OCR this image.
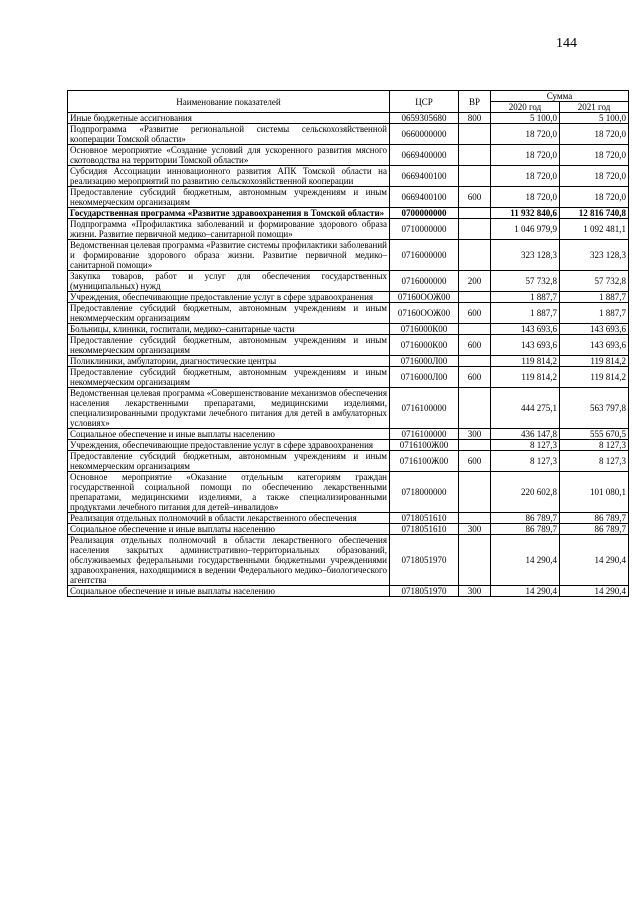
144
Наименование показателей	ЦСР	ВР	Сумма	
			2020 год	2021 год
Иные бюджетные ассигнования	0659305680	800	5 100,0	5 100,0
Подпрограмма «Развитие региональной системы сельскохозяйственной кооперации Томской области»	0660000000		18 720,0	18 720,0
Основное мероприятие «Создание условий для ускоренного развития мясного скотоводства на территории Томской области»	0669400000		18 720,0	18 720,0
Субсидия Ассоциации инновационного развития АПК Томской области на реализацию мероприятий по развитию сельскохозяйственной кооперации	0669400100		18 720,0	18 720,0
Предоставление субсидий бюджетным, автономным учреждениям и иным некоммерческим организациям	0669400100	600	18 720,0	18 720,0
Государственная программа «Развитие здравоохранения в Томской области»	0700000000		11 932 840,6	12 816 740,8
Подпрограмма «Профилактика заболеваний и формирование здорового образа жизни. Развитие первичной медико–санитарной помощи»	0710000000		1 046 979,9	1 092 481,1
Ведомственная целевая программа «Развитие системы профилактики заболеваний и формирование здорового образа жизни. Развитие первичной медико–санитарной помощи»	0716000000		323 128,3	323 128,3
Закупка товаров, работ и услуг для обеспечения государственных (муниципальных) нужд	0716000000	200	57 732,8	57 732,8
Учреждения, обеспечивающие предоставление услуг в сфере здравоохранения	07160ООЖ00		1 887,7	1 887,7
Предоставление субсидий бюджетным, автономным учреждениям и иным некоммерческим организациям	07160ООЖ00	600	1 887,7	1 887,7
Больницы, клиники, госпитали, медико–санитарные части	0716000К00		143 693,6	143 693,6
Предоставление субсидий бюджетным, автономным учреждениям и иным некоммерческим организациям	0716000К00	600	143 693,6	143 693,6
Поликлиники, амбулатории, диагностические центры	0716000Л00		119 814,2	119 814,2
Предоставление субсидий бюджетным, автономным учреждениям и иным некоммерческим организациям	0716000Л00	600	119 814,2	119 814,2
Ведомственная целевая программа «Совершенствование механизмов обеспечения населения лекарственными препаратами, медицинскими изделиями, специализированными продуктами лечебного питания для детей в амбулаторных условиях»	0716100000		444 275,1	563 797,8
Социальное обеспечение и иные выплаты населению	0716100000	300	436 147,8	555 670,5
Учреждения, обеспечивающие предоставление услуг в сфере здравоохранения	0716100Ж00		8 127,3	8 127,3
Предоставление субсидий бюджетным, автономным учреждениям и иным некоммерческим организациям	0716100Ж00	600	8 127,3	8 127,3
Основное мероприятие «Оказание отдельным категориям граждан государственной социальной помощи по обеспечению лекарственными препаратами, медицинскими изделиями, а также специализированными продуктами лечебного питания для детей–инвалидов»	0718000000		220 602,8	101 080,1
Реализация отдельных полномочий в области лекарственного обеспечения	0718051610		86 789,7	86 789,7
Социальное обеспечение и иные выплаты населению	0718051610	300	86 789,7	86 789,7
Реализация отдельных полномочий в области лекарственного обеспечения населения закрытых административно–территориальных образований, обслуживаемых федеральными государственными бюджетными учреждениями здравоохранения, находящимися в ведении Федерального медико–биологического агентства	0718051970		14 290,4	14 290,4
Социальное обеспечение и иные выплаты населению	0718051970	300	14 290,4	14 290,4
